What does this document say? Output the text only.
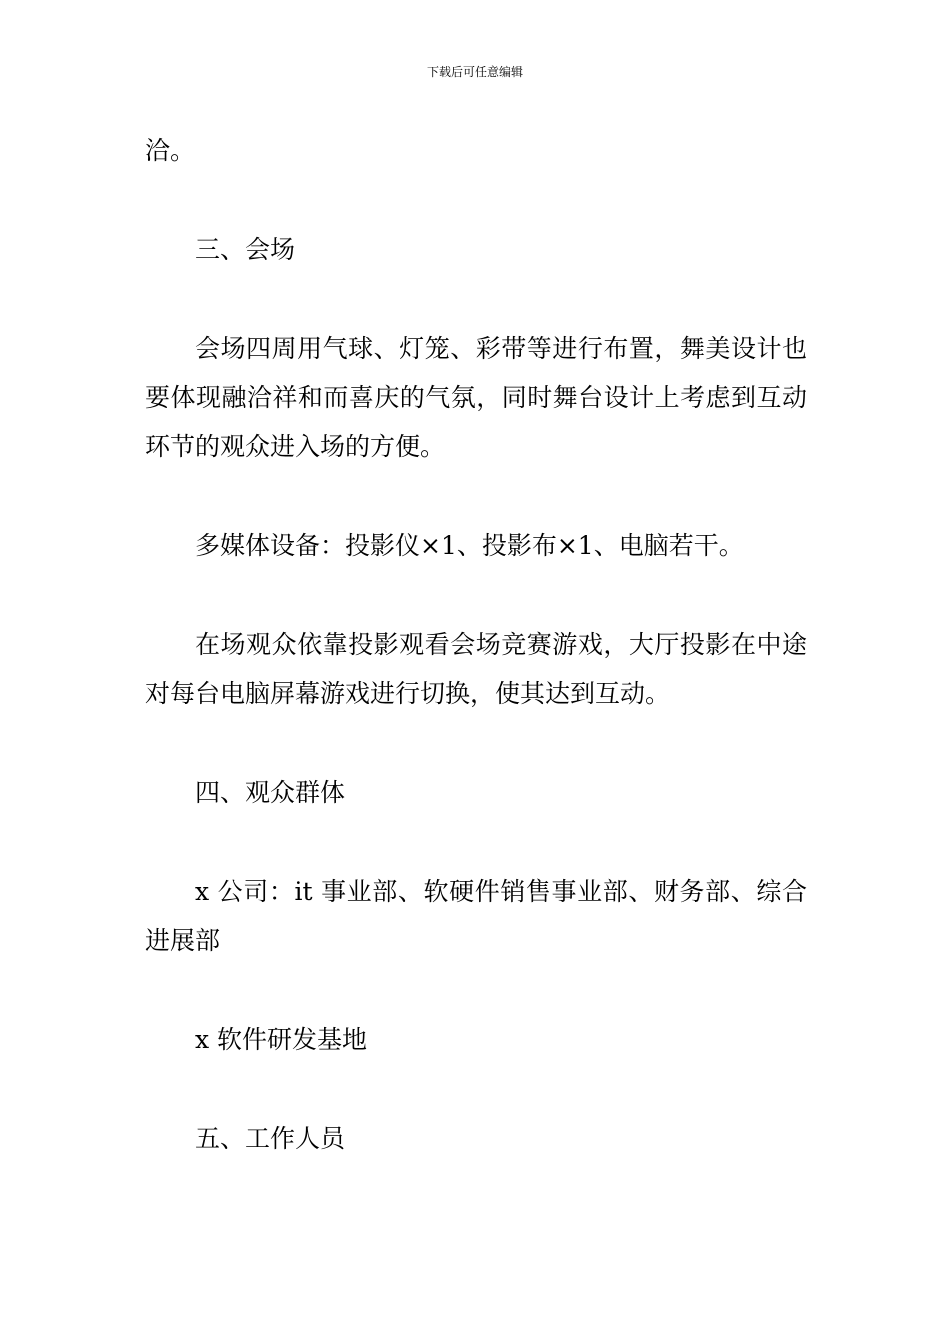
下载后可任意编辑

洽。

三、会场

会场四周用气球、灯笼、彩带等进行布置，舞美设计也要体现融洽祥和而喜庆的气氛，同时舞台设计上考虑到互动环节的观众进入场的方便。

多媒体设备：投影仪×1、投影布×1、电脑若干。

在场观众依靠投影观看会场竞赛游戏，大厅投影在中途对每台电脑屏幕游戏进行切换，使其达到互动。

四、观众群体

x 公司：it 事业部、软硬件销售事业部、财务部、综合进展部

x 软件研发基地

五、工作人员
